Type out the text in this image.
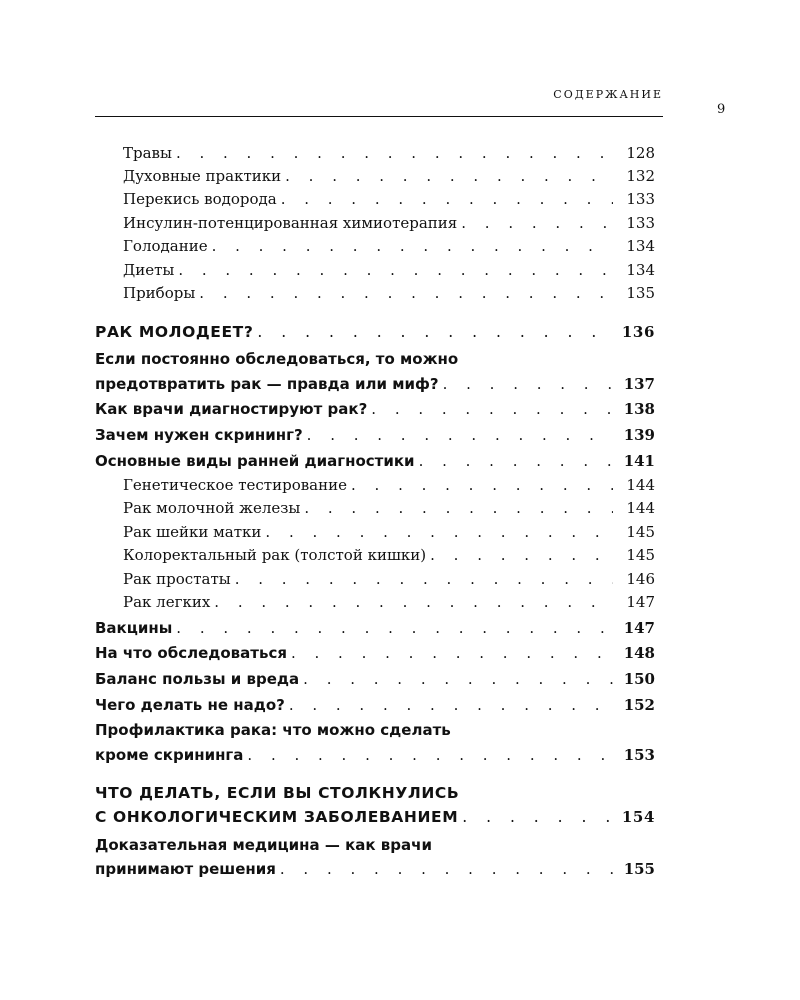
СОДЕРЖАНИЕ
9
Травы . . .	128
Духовные практики . . .	132
Перекись водорода . . .	133
Инсулин-потенцированная химиотерапия . . .	133
Голодание . . .	134
Диеты . . .	134
Приборы . . .	135
РАК МОЛОДЕЕТ? . . .	136
Если постоянно обследоваться, то можно
предотвратить рак — правда или миф? . . .	137
Как врачи диагностируют рак? . . .	138
Зачем нужен скрининг? . . .	139
Основные виды ранней диагностики . . .	141
Генетическое тестирование . . .	144
Рак молочной железы . . .	144
Рак шейки матки . . .	145
Колоректальный рак (толстой кишки) . . .	145
Рак простаты . . .	146
Рак легких . . .	147
Вакцины . . .	147
На что обследоваться . . .	148
Баланс пользы и вреда . . .	150
Чего делать не надо? . . .	152
Профилактика рака: что можно сделать
кроме скрининга . . .	153
ЧТО ДЕЛАТЬ, ЕСЛИ ВЫ СТОЛКНУЛИСЬ
С ОНКОЛОГИЧЕСКИМ ЗАБОЛЕВАНИЕМ . . .	154
Доказательная медицина — как врачи
принимают решения . . .	155
